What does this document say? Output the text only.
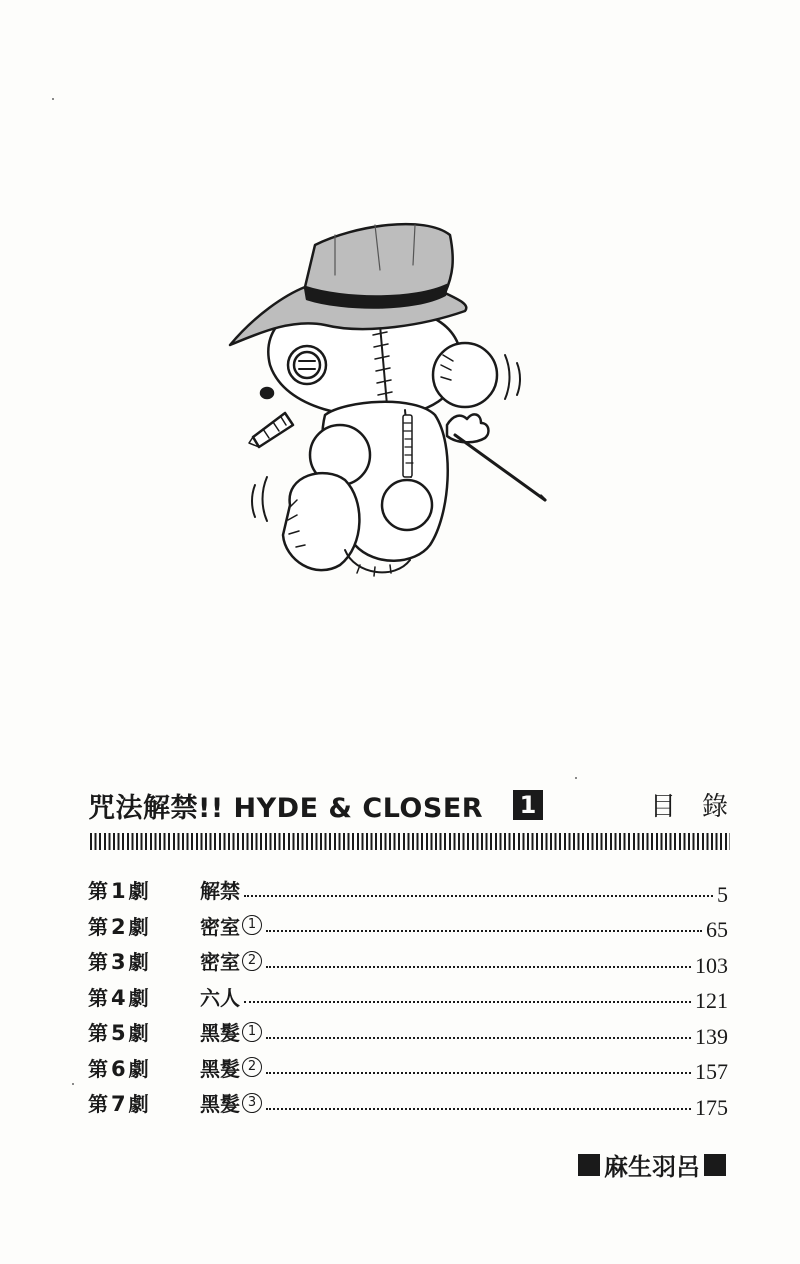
咒法解禁!! HYDE & CLOSER 1	目錄
第 1 劇	解禁	5
第 2 劇	密室 1	65
第 3 劇	密室 2	103
第 4 劇	六人	121
第 5 劇	黑髮 1	139
第 6 劇	黑髮 2	157
第 7 劇	黑髮 3	175
麻生羽呂
